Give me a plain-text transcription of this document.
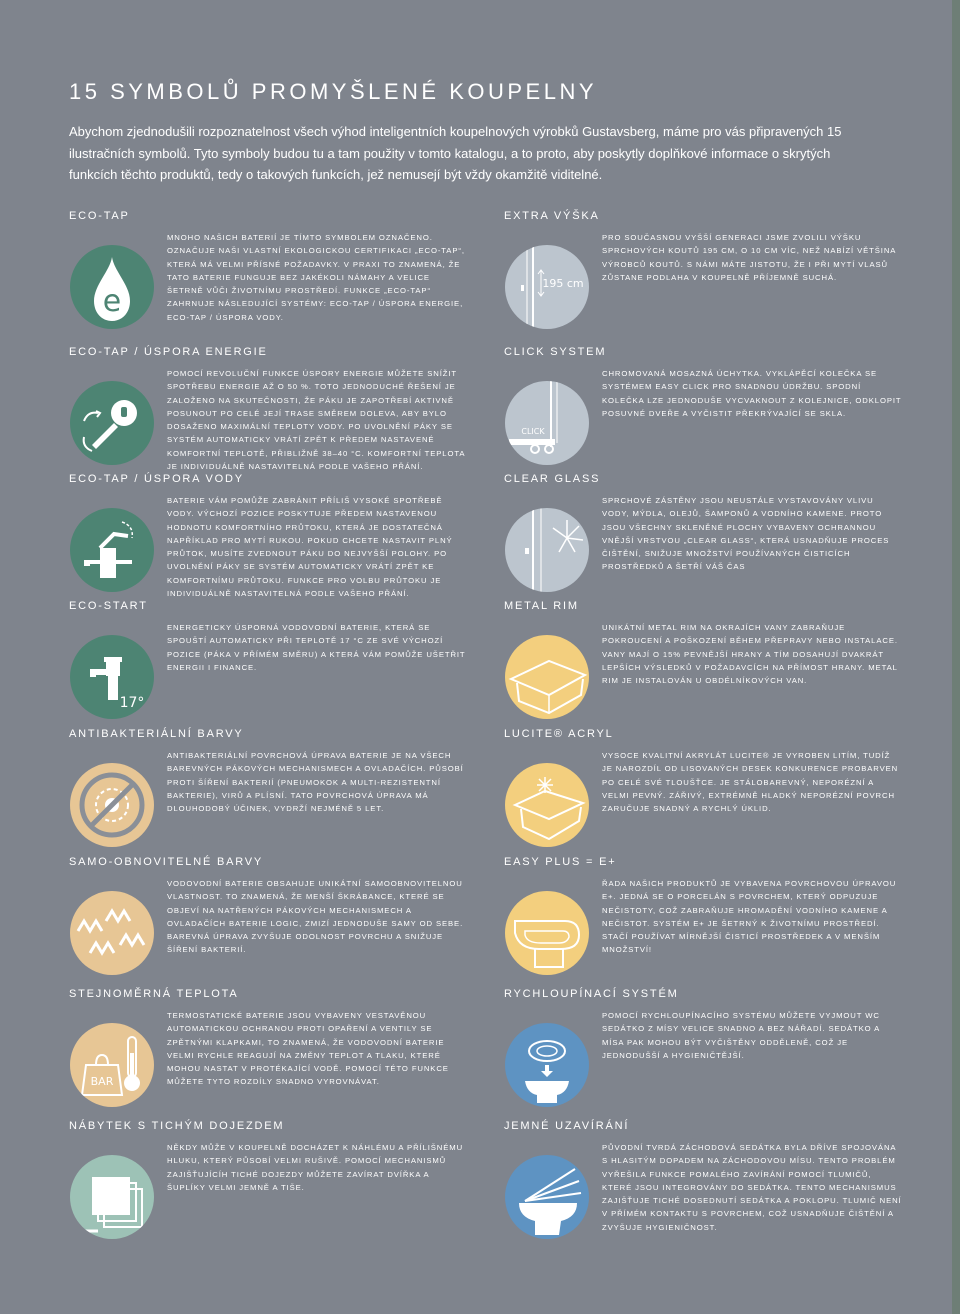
15 SYMBOLŮ PROMYŠLENÉ KOUPELNY

Abychom zjednodušili rozpoznatelnost všech výhod inteligentních koupelnových výrobků Gustavsberg, máme pro vás připravených 15 ilustračních symbolů. Tyto symboly budou tu a tam použity v tomto katalogu, a to proto, aby poskytly doplňkové informace o skrytých funkcích těchto produktů, tedy o takových funkcích, jež nemusejí být vždy okamžitě viditelné.

ECO-TAP
e

MNOHO NAŠICH BATERIÍ JE TÍMTO SYMBOLEM OZNAČENO. OZNAČUJE NAŠI VLASTNÍ EKOLOGICKOU CERTIFIKACI „ECO-TAP“, KTERÁ MÁ VELMI PŘÍSNÉ POŽADAVKY. V PRAXI TO ZNAMENÁ, ŽE TATO BATERIE FUNGUJE BEZ JAKÉKOLI NÁMAHY A VELICE ŠETRNĚ VŮČI ŽIVOTNÍMU PROSTŘEDÍ. FUNKCE „ECO-TAP“ ZAHRNUJE NÁSLEDUJÍCÍ SYSTÉMY: ECO-TAP / ÚSPORA ENERGIE, ECO-TAP / ÚSPORA VODY.

EXTRA VÝŠKA
195 cm

PRO SOUČASNOU VYŠŠÍ GENERACI JSME ZVOLILI VÝŠKU SPRCHOVÝCH KOUTŮ 195 CM, O 10 CM VÍC, NEŽ NABÍZÍ VĚTŠINA VÝROBCŮ KOUTŮ. S NÁMI MÁTE JISTOTU, ŽE I PŘI MYTÍ VLASŮ ZŮSTANE PODLAHA V KOUPELNĚ PŘÍJEMNĚ SUCHÁ.

ECO-TAP / ÚSPORA ENERGIE

POMOCÍ REVOLUČNÍ FUNKCE ÚSPORY ENERGIE MŮŽETE SNÍŽIT SPOTŘEBU ENERGIE AŽ O 50 %. TOTO JEDNODUCHÉ ŘEŠENÍ JE ZALOŽENO NA SKUTEČNOSTI, ŽE PÁKU JE ZAPOTŘEBÍ AKTIVNĚ POSUNOUT PO CELÉ JEJÍ TRASE SMĚREM DOLEVA, ABY BYLO DOSAŽENO MAXIMÁLNÍ TEPLOTY VODY. PO UVOLNĚNÍ PÁKY SE SYSTÉM AUTOMATICKY VRÁTÍ ZPĚT K PŘEDEM NASTAVENÉ KOMFORTNÍ TEPLOTĚ, PŘIBLIŽNĚ 38–40 °C. KOMFORTNÍ TEPLOTA JE INDIVIDUÁLNĚ NASTAVITELNÁ PODLE VAŠEHO PŘÁNÍ.

CLICK SYSTEM
CLICK

CHROMOVANÁ MOSAZNÁ ÚCHYTKA. VYKLÁPĚCÍ KOLEČKA SE SYSTÉMEM EASY CLICK PRO SNADNOU ÚDRŽBU. SPODNÍ KOLEČKA LZE JEDNODUŠE VYCVAKNOUT Z KOLEJNICE, ODKLOPIT POSUVNÉ DVEŘE A VYČISTIT PŘEKRÝVAJÍCÍ SE SKLA.

ECO-TAP / ÚSPORA VODY

BATERIE VÁM POMŮŽE ZABRÁNIT PŘÍLIŠ VYSOKÉ SPOTŘEBĚ VODY. VÝCHOZÍ POZICE POSKYTUJE PŘEDEM NASTAVENOU HODNOTU KOMFORTNÍHO PRŮTOKU, KTERÁ JE DOSTATEČNÁ NAPŘÍKLAD PRO MYTÍ RUKOU. POKUD CHCETE NASTAVIT PLNÝ PRŮTOK, MUSÍTE ZVEDNOUT PÁKU DO NEJVYŠŠÍ POLOHY. PO UVOLNĚNÍ PÁKY SE SYSTÉM AUTOMATICKY VRÁTÍ ZPĚT KE KOMFORTNÍMU PRŮTOKU. FUNKCE PRO VOLBU PRŮTOKU JE INDIVIDUÁLNĚ NASTAVITELNÁ PODLE VAŠEHO PŘÁNÍ.

CLEAR GLASS

SPRCHOVÉ ZÁSTĚNY JSOU NEUSTÁLE VYSTAVOVÁNY VLIVU VODY, MÝDLA, OLEJŮ, ŠAMPONŮ A VODNÍHO KAMENE. PROTO JSOU VŠECHNY SKLENĚNÉ PLOCHY VYBAVENY OCHRANNOU VNĚJŠÍ VRSTVOU „CLEAR GLASS“, KTERÁ USNADŇUJE PROCES ČIŠTĚNÍ, SNIŽUJE MNOŽSTVÍ POUŽÍVANÝCH ČISTICÍCH PROSTŘEDKŮ A ŠETŘÍ VÁŠ ČAS

ECO-START
17°

ENERGETICKY ÚSPORNÁ VODOVODNÍ BATERIE, KTERÁ SE SPOUŠTÍ AUTOMATICKY PŘI TEPLOTĚ 17 °C ZE SVÉ VÝCHOZÍ POZICE (PÁKA V PŘÍMÉM SMĚRU) A KTERÁ VÁM POMŮŽE UŠETŘIT ENERGII I FINANCE.

METAL RIM

UNIKÁTNÍ METAL RIM NA OKRAJÍCH VANY ZABRAŇUJE POKROUCENÍ A POŠKOZENÍ BĚHEM PŘEPRAVY NEBO INSTALACE. VANY MAJÍ O 15% PEVNĚJŠÍ HRANY A TÍM DOSAHUJÍ DVAKRÁT LEPŠÍCH VÝSLEDKŮ V POŽADAVCÍCH NA PŘÍMOST HRANY. METAL RIM JE INSTALOVÁN U OBDÉLNÍKOVÝCH VAN.

ANTIBAKTERIÁLNÍ BARVY

ANTIBAKTERIÁLNÍ POVRCHOVÁ ÚPRAVA BATERIE JE NA VŠECH BAREVNÝCH PÁKOVÝCH MECHANISMECH A OVLADAČÍCH. PŮSOBÍ PROTI ŠÍŘENÍ BAKTERIÍ (PNEUMOKOK A MULTI-REZISTENTNÍ BAKTERIE), VIRŮ A PLÍSNÍ. TATO POVRCHOVÁ ÚPRAVA MÁ DLOUHODOBÝ ÚČINEK, VYDRŽÍ NEJMÉNĚ 5 LET.

LUCITE® ACRYL

VYSOCE KVALITNÍ AKRYLÁT LUCITE® JE VYROBEN LITÍM, TUDÍŽ JE NAROZDÍL OD LISOVANÝCH DESEK KONKURENCE PROBARVEN PO CELÉ SVÉ TLOUŠŤCE. JE STÁLOBAREVNÝ, NEPORÉZNÍ A VELMI PEVNÝ. ZÁŘIVÝ, EXTRÉMNĚ HLADKÝ NEPORÉZNÍ POVRCH ZARUČUJE SNADNÝ A RYCHLÝ ÚKLID.

SAMO-OBNOVITELNÉ BARVY

VODOVODNÍ BATERIE OBSAHUJE UNIKÁTNÍ SAMOOBNOVITELNOU VLASTNOST. TO ZNAMENÁ, ŽE MENŠÍ ŠKRÁBANCE, KTERÉ SE OBJEVÍ NA NATŘENÝCH PÁKOVÝCH MECHANISMECH A OVLADAČÍCH BATERIE LOGIC, ZMIZÍ JEDNODUŠE SAMY OD SEBE. BAREVNÁ ÚPRAVA ZVYŠUJE ODOLNOST POVRCHU A SNIŽUJE ŠÍŘENÍ BAKTERIÍ.

EASY PLUS = E+

ŘADA NAŠICH PRODUKTŮ JE VYBAVENA POVRCHOVOU ÚPRAVOU E+. JEDNÁ SE O PORCELÁN S POVRCHEM, KTERÝ ODPUZUJE NEČISTOTY, COŽ ZABRAŇUJE HROMADĚNÍ VODNÍHO KAMENE A NEČISTOT. SYSTÉM E+ JE ŠETRNÝ K ŽIVOTNÍMU PROSTŘEDÍ. STAČÍ POUŽÍVAT MÍRNĚJŠÍ ČISTICÍ PROSTŘEDEK A V MENŠÍM MNOŽSTVÍ!

STEJNOMĚRNÁ TEPLOTA
BAR

TERMOSTATICKÉ BATERIE JSOU VYBAVENY VESTAVĚNOU AUTOMATICKOU OCHRANOU PROTI OPAŘENÍ A VENTILY SE ZPĚTNÝMI KLAPKAMI, TO ZNAMENÁ, ŽE VODOVODNÍ BATERIE VELMI RYCHLE REAGUJÍ NA ZMĚNY TEPLOT A TLAKU, KTERÉ MOHOU NASTAT V PROTÉKAJÍCÍ VODĚ. POMOCÍ TÉTO FUNKCE MŮŽETE TYTO ROZDÍLY SNADNO VYROVNÁVAT.

RYCHLOUPÍNACÍ SYSTÉM

POMOCÍ RYCHLOUPÍNACÍHO SYSTÉMU MŮŽETE VYJMOUT WC SEDÁTKO Z MÍSY VELICE SNADNO A BEZ NÁŘADÍ. SEDÁTKO A MÍSA PAK MOHOU BÝT VYČIŠTĚNY ODDĚLENĚ, COŽ JE JEDNODUŠŠÍ A HYGIENIČTĚJŠÍ.

NÁBYTEK S TICHÝM DOJEZDEM

NĚKDY MŮŽE V KOUPELNĚ DOCHÁZET K NÁHLÉMU A PŘÍLIŠNÉMU HLUKU, KTERÝ PŮSOBÍ VELMI RUŠIVĚ. POMOCÍ MECHANISMŮ ZAJIŠŤUJÍCÍH TICHÉ DOJEZDY MŮŽETE ZAVÍRAT DVÍŘKA A ŠUPLÍKY VELMI JEMNĚ A TIŠE.

JEMNÉ UZAVÍRÁNÍ

PŮVODNÍ TVRDÁ ZÁCHODOVÁ SEDÁTKA BYLA DŘÍVE SPOJOVÁNA S HLASITÝM DOPADEM NA ZÁCHODOVOU MÍSU. TENTO PROBLÉM VYŘEŠILA FUNKCE POMALÉHO ZAVÍRÁNÍ POMOCÍ TLUMIČŮ, KTERÉ JSOU INTEGROVÁNY DO SEDÁTKA. TENTO MECHANISMUS ZAJIŠŤUJE TICHÉ DOSEDNUTÍ SEDÁTKA A POKLOPU. TLUMIČ NENÍ V PŘÍMÉM KONTAKTU S POVRCHEM, COŽ USNADŇUJE ČIŠTĚNÍ A ZVYŠUJE HYGIENIČNOST.
